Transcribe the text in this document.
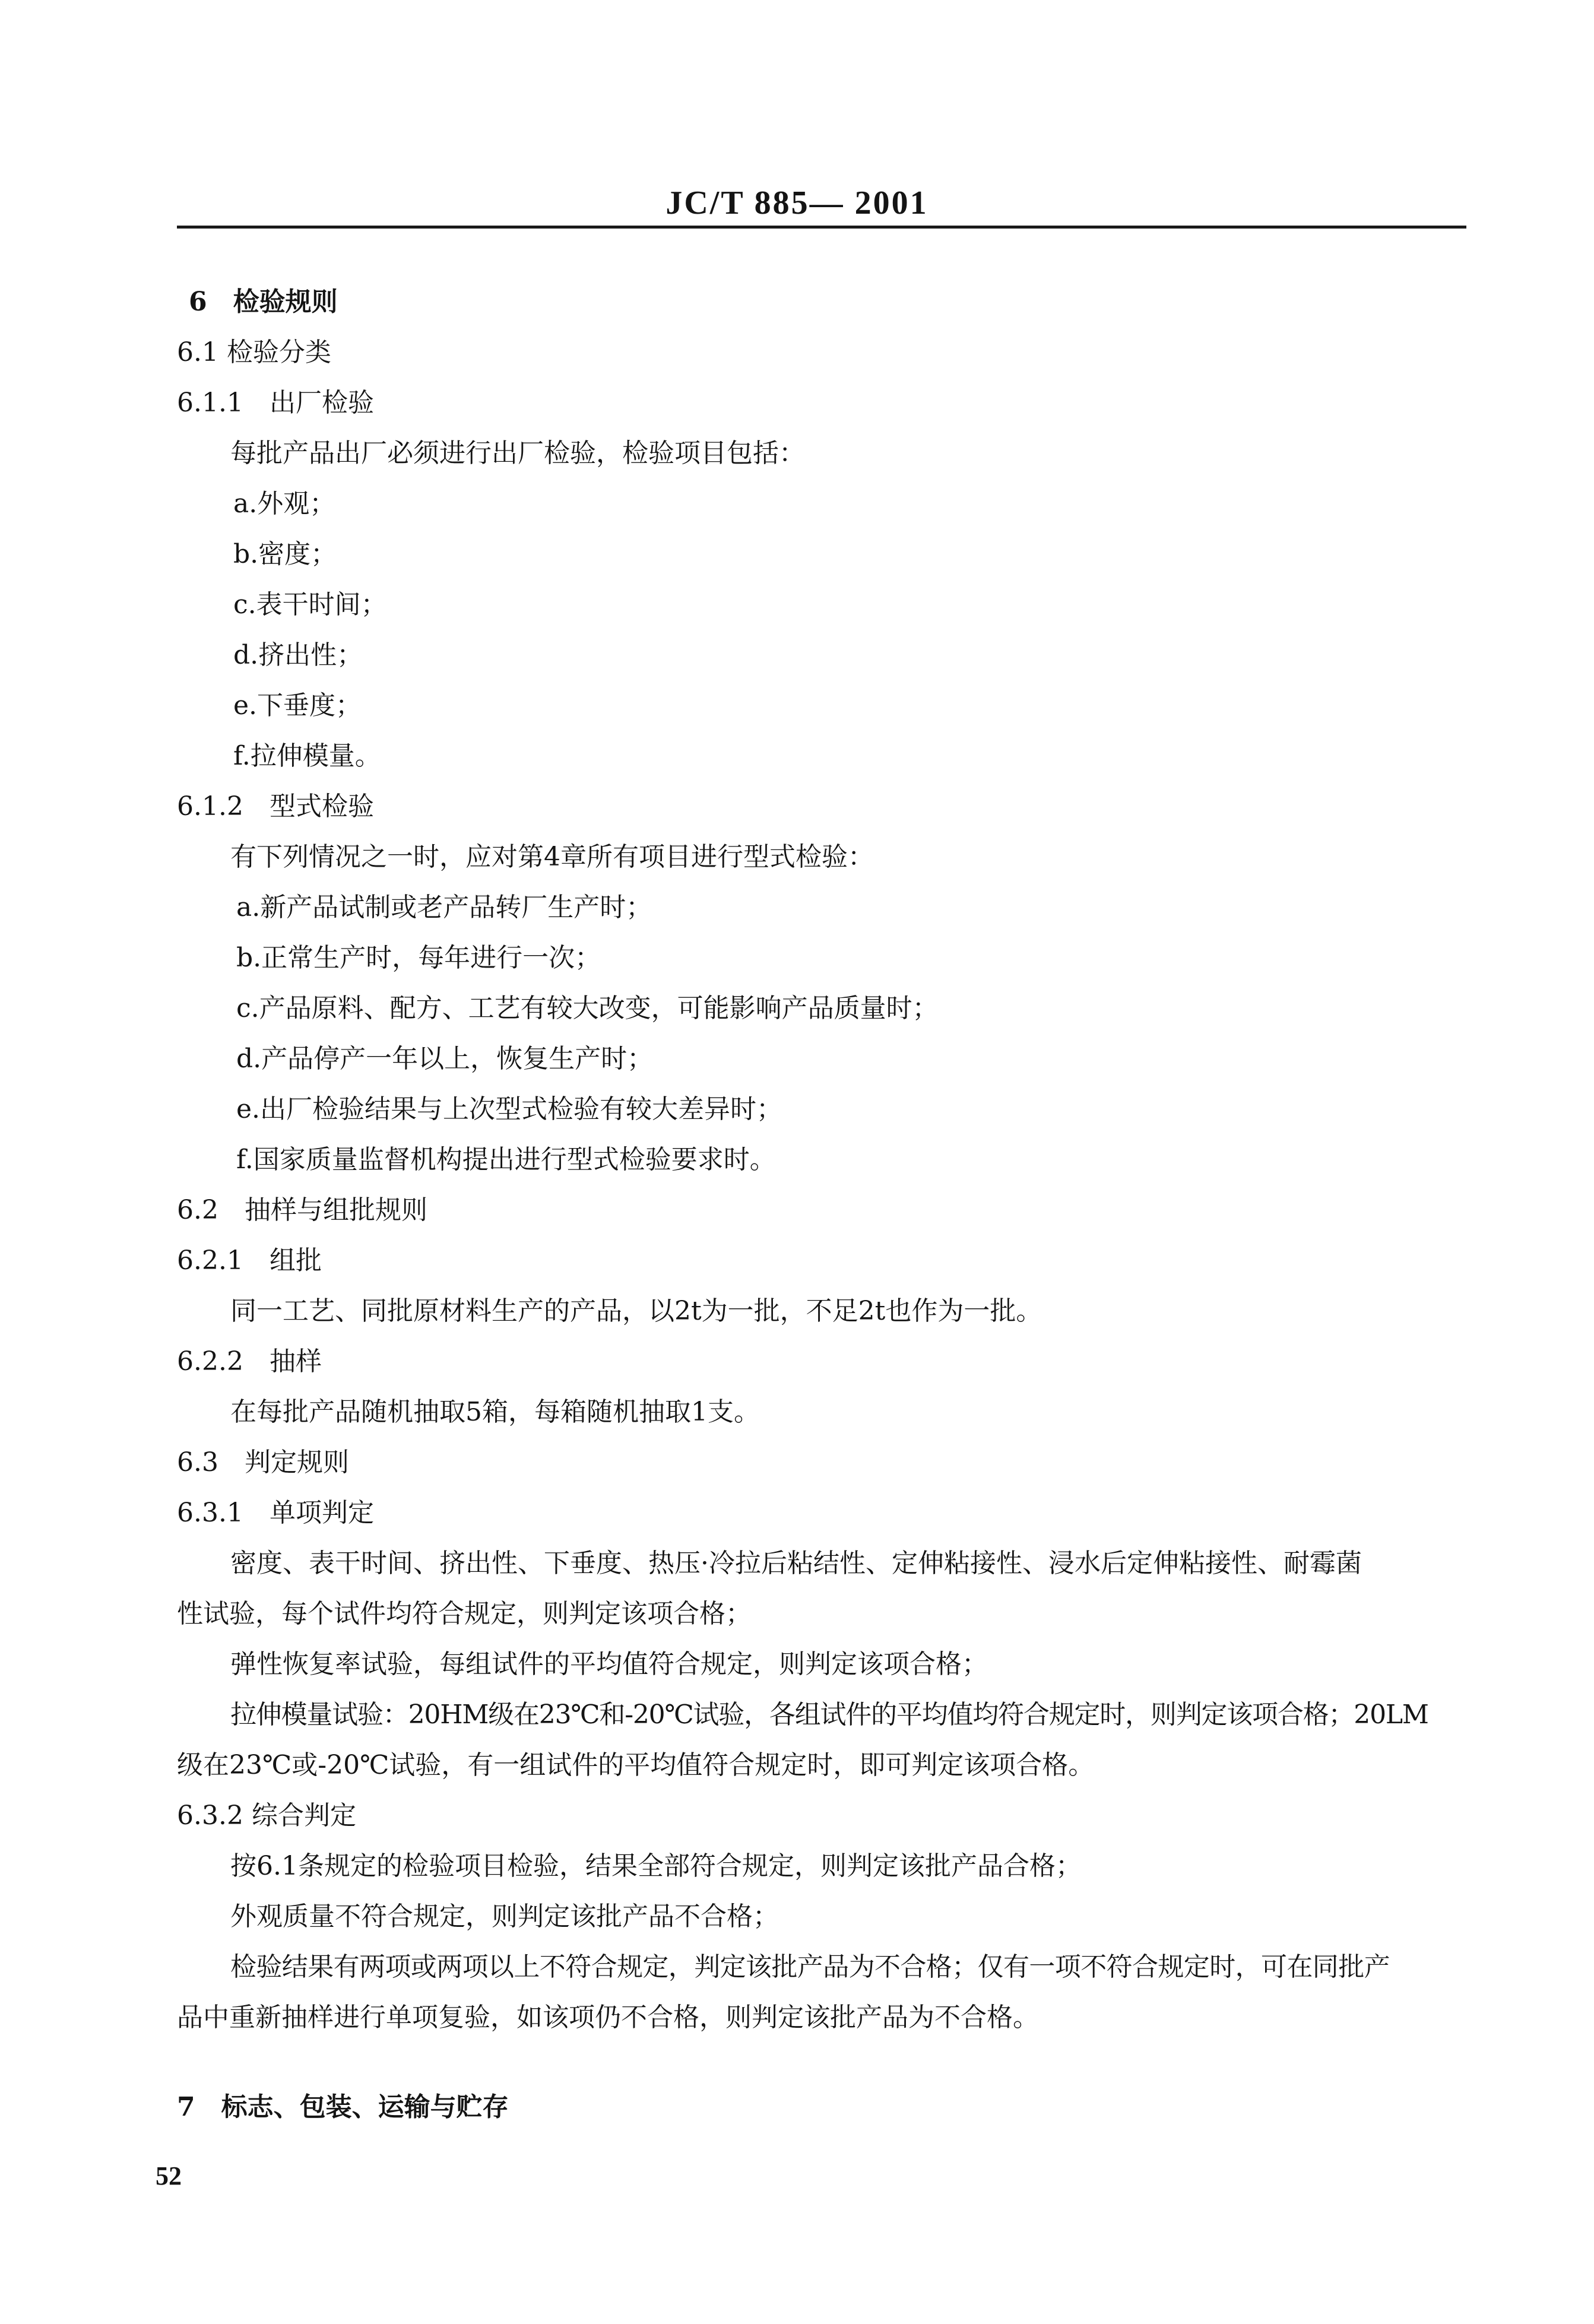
JC/T 885— 2001
6　检验规则
6.1 检验分类
6.1.1　出厂检验
每批产品出厂必须进行出厂检验，检验项目包括：
a.外观；
b.密度；
c.表干时间；
d.挤出性；
e.下垂度；
f.拉伸模量。
6.1.2　型式检验
有下列情况之一时，应对第4章所有项目进行型式检验：
a.新产品试制或老产品转厂生产时；
b.正常生产时，每年进行一次；
c.产品原料、配方、工艺有较大改变，可能影响产品质量时；
d.产品停产一年以上，恢复生产时；
e.出厂检验结果与上次型式检验有较大差异时；
f.国家质量监督机构提出进行型式检验要求时。
6.2　抽样与组批规则
6.2.1　组批
同一工艺、同批原材料生产的产品，以2t为一批，不足2t也作为一批。
6.2.2　抽样
在每批产品随机抽取5箱，每箱随机抽取1支。
6.3　判定规则
6.3.1　单项判定
密度、表干时间、挤出性、下垂度、热压·冷拉后粘结性、定伸粘接性、浸水后定伸粘接性、耐霉菌
性试验，每个试件均符合规定，则判定该项合格；
弹性恢复率试验，每组试件的平均值符合规定，则判定该项合格；
拉伸模量试验：20HM级在23℃和-20℃试验，各组试件的平均值均符合规定时，则判定该项合格；20LM
级在23℃或-20℃试验，有一组试件的平均值符合规定时，即可判定该项合格。
6.3.2 综合判定
按6.1条规定的检验项目检验，结果全部符合规定，则判定该批产品合格；
外观质量不符合规定，则判定该批产品不合格；
检验结果有两项或两项以上不符合规定，判定该批产品为不合格；仅有一项不符合规定时，可在同批产
品中重新抽样进行单项复验，如该项仍不合格，则判定该批产品为不合格。
7　标志、包装、运输与贮存
52
